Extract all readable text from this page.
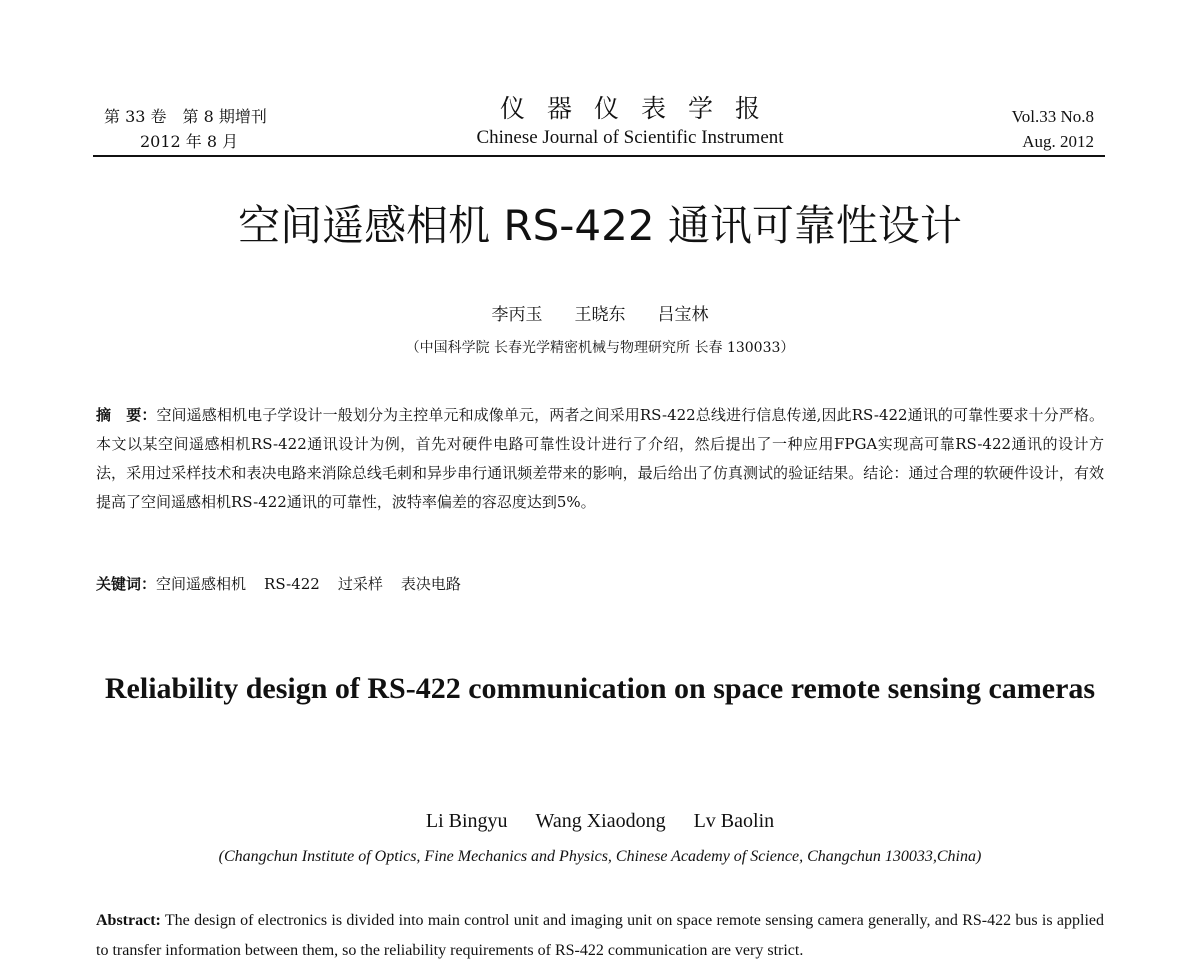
第 33 卷　第 8 期增刊
2012 年 8 月
仪器仪表学报
Chinese Journal of Scientific Instrument
Vol.33 No.8
Aug. 2012
空间遥感相机 RS-422 通讯可靠性设计
李丙玉 王晓东 吕宝林
（中国科学院 长春光学精密机械与物理研究所 长春 130033）
摘　要：空间遥感相机电子学设计一般划分为主控单元和成像单元，两者之间采用RS-422总线进行信息传递,因此RS-422通讯的可靠性要求十分严格。本文以某空间遥感相机RS-422通讯设计为例，首先对硬件电路可靠性设计进行了介绍，然后提出了一种应用FPGA实现高可靠RS-422通讯的设计方法，采用过采样技术和表决电路来消除总线毛刺和异步串行通讯频差带来的影响，最后给出了仿真测试的验证结果。结论：通过合理的软硬件设计，有效提高了空间遥感相机RS-422通讯的可靠性，波特率偏差的容忍度达到5%。
关键词：空间遥感相机 RS-422 过采样 表决电路
Reliability design of RS-422 communication on space remote sensing cameras
Li Bingyu Wang Xiaodong Lv Baolin
(Changchun Institute of Optics, Fine Mechanics and Physics, Chinese Academy of Science, Changchun 130033,China)
Abstract: The design of electronics is divided into main control unit and imaging unit on space remote sensing camera generally, and RS-422 bus is applied to transfer information between them, so the reliability requirements of RS-422 communication are very strict.
